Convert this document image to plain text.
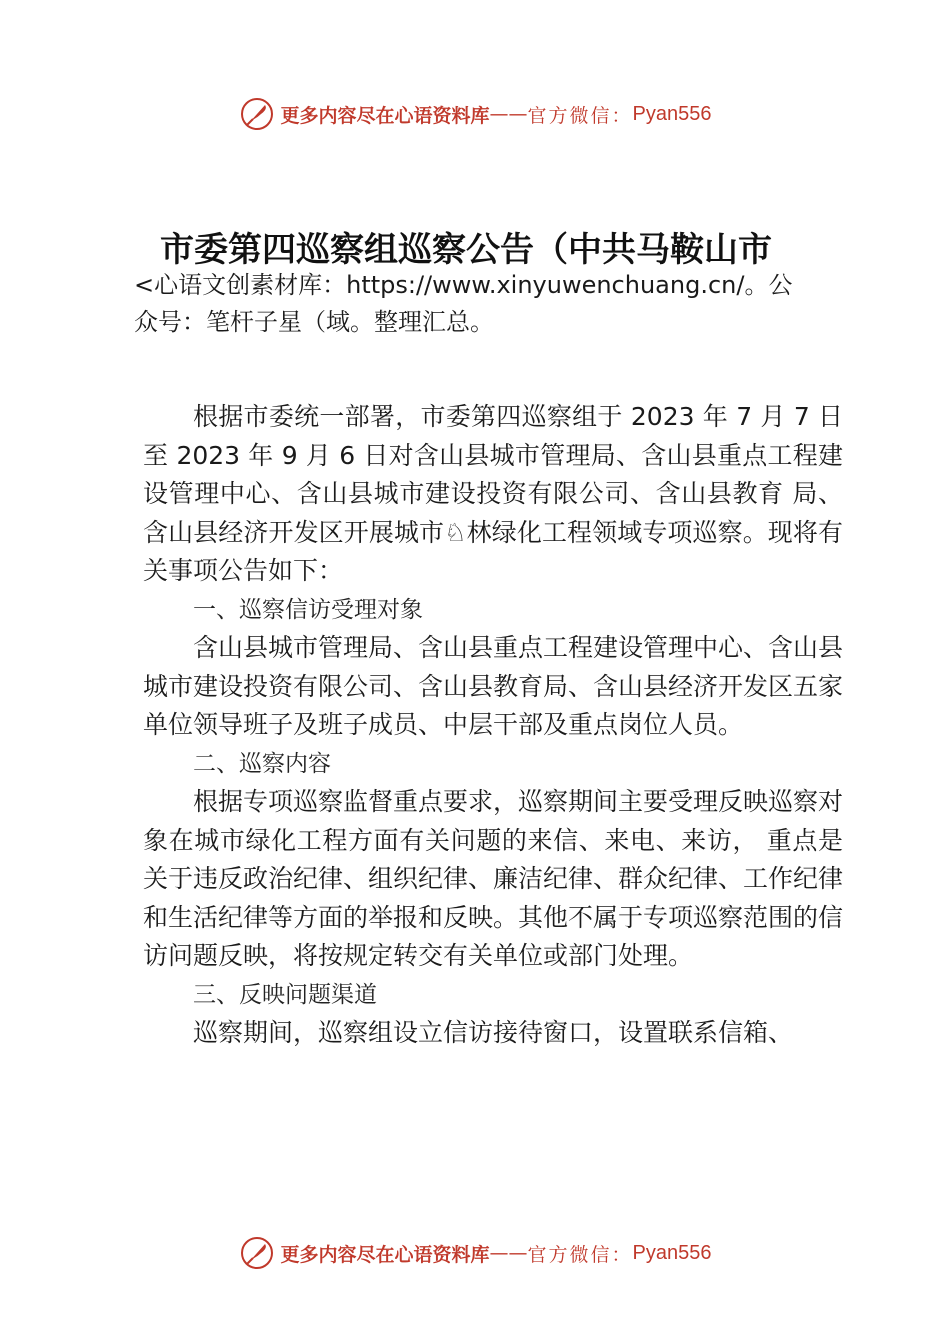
更多内容尽在心语资料库 —— 官方微信： Pyan556
市委第四巡察组巡察公告（中共马鞍山市
<心语文创素材库：https://www.xinyuwenchuang.cn/。公
众号：笔杆子星（域。整理汇总。

根据市委统一部署，市委第四巡察组于 2023 年 7 月 7 日至 2023 年 9 月 6 日对含山县城市管理局、含山县重点工程建设管理中心、含山县城市建设投资有限公司、含山县教育 局、含山县经济开发区开展城市♘林绿化工程领域专项巡察。现将有关事项公告如下：

一、巡察信访受理对象

含山县城市管理局、含山县重点工程建设管理中心、含山县城市建设投资有限公司、含山县教育局、含山县经济开发区五家单位领导班子及班子成员、中层干部及重点岗位人员。

二、巡察内容

根据专项巡察监督重点要求，巡察期间主要受理反映巡察对象在城市绿化工程方面有关问题的来信、来电、来访， 重点是关于违反政治纪律、组织纪律、廉洁纪律、群众纪律、工作纪律和生活纪律等方面的举报和反映。其他不属于专项巡察范围的信访问题反映，将按规定转交有关单位或部门处理。

三、反映问题渠道

巡察期间，巡察组设立信访接待窗口，设置联系信箱、

更多内容尽在心语资料库 —— 官方微信： Pyan556
